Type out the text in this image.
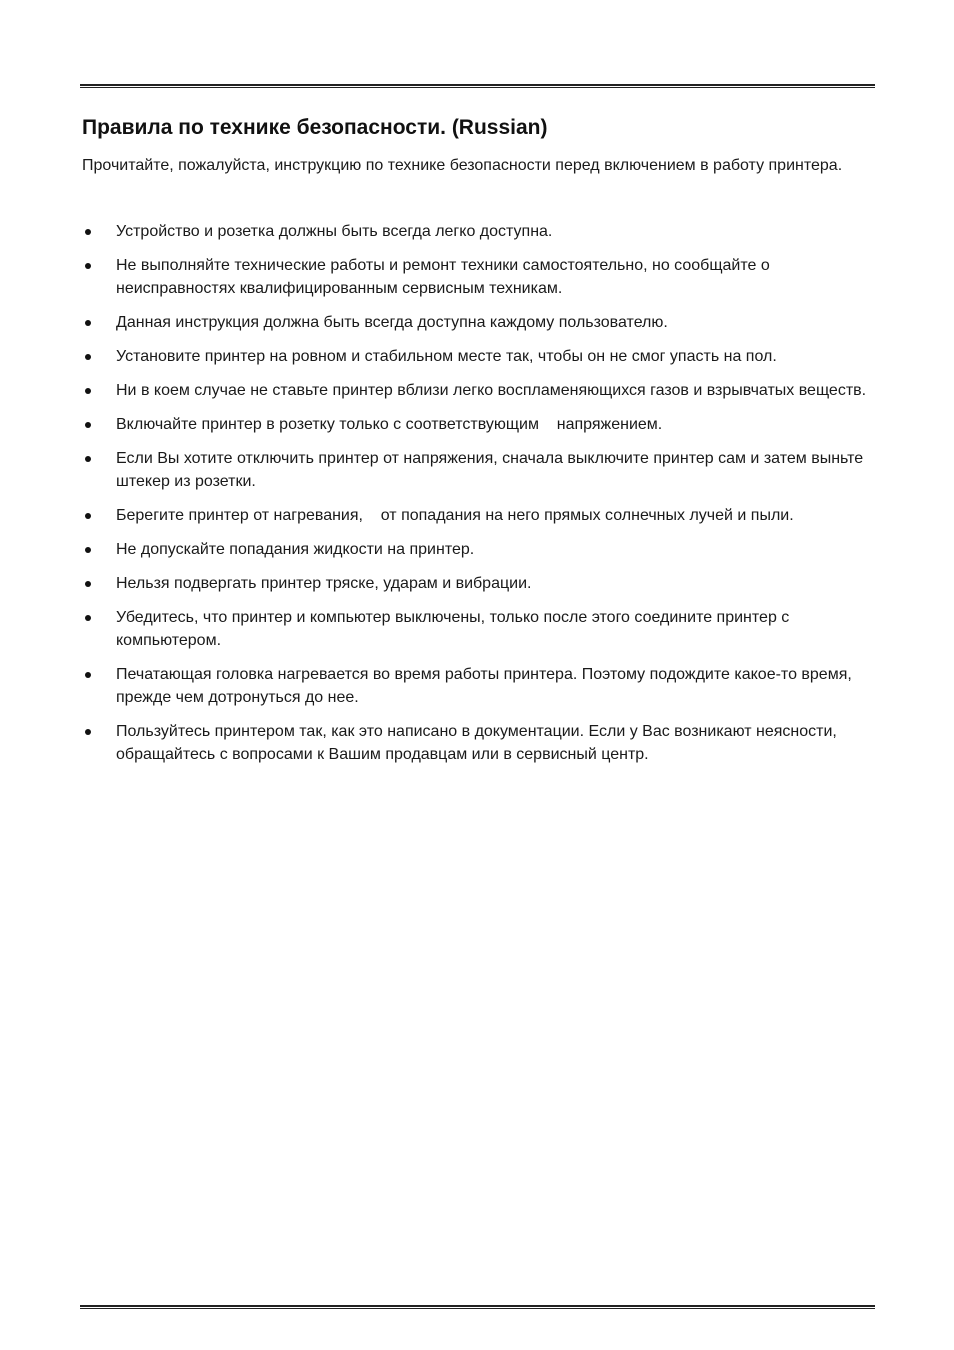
Правила по технике безопасности. (Russian)

Прочитайте, пожалуйста, инструкцию по технике безопасности перед включением в работу принтера.

Устройство и розетка должны быть всегда легко доступна.
Не выполняйте технические работы и ремонт техники самостоятельно, но сообщайте о неисправностях квалифицированным сервисным техникам.
Данная инструкция должна быть всегда доступна каждому пользователю.
Установите принтер на ровном и стабильном месте так, чтобы он не смог упасть на пол.
Ни в коем случае не ставьте принтер вблизи легко воспламеняющихся газов и взрывчатых веществ.
Включайте принтер в розетку только с соответствующим    напряжением.
Если Вы хотите отключить принтер от напряжения, сначала выключите принтер сам и затем выньте штекер из розетки.
Берегите принтер от нагревания,    от попадания на него прямых солнечных лучей и пыли.
Не допускайте попадания жидкости на принтер.
Нельзя подвергать принтер тряске, ударам и вибрации.
Убедитесь, что принтер и компьютер выключены, только после этого соедините принтер с компьютером.
Печатающая головка нагревается во время работы принтера. Поэтому подождите какое-то время, прежде чем дотронуться до нее.
Пользуйтесь принтером так, как это написано в документации. Если у Вас возникают неясности, обращайтесь с вопросами к Вашим продавцам или в сервисный центр.
